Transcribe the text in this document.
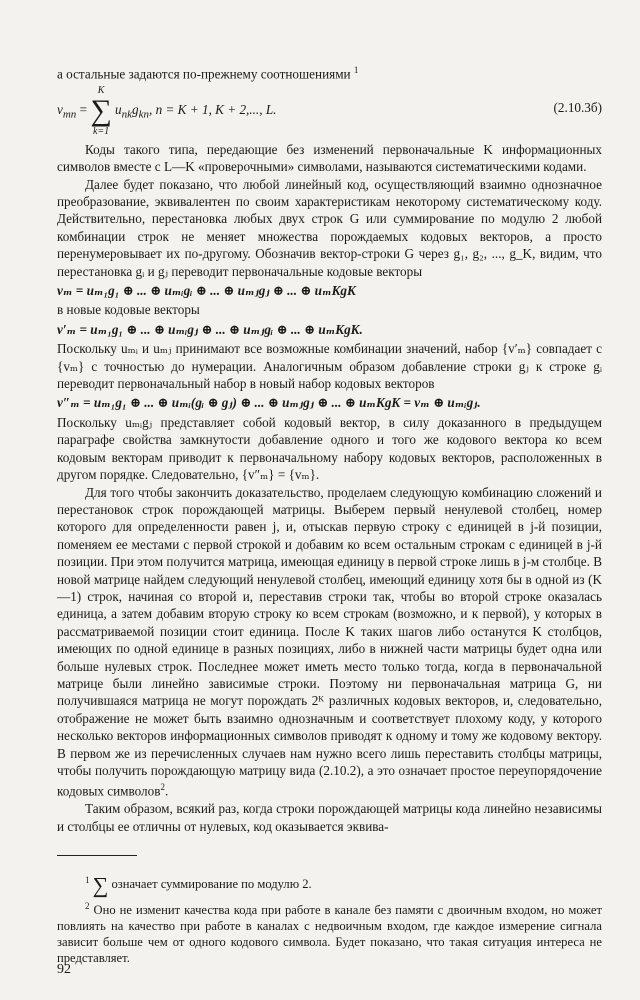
а остальные задаются по-прежнему соотношениями $^1$

$v_{mn}$ =
K
∑
k=1
$u_{nk}g_{kn}$, n = K + 1, K + 2,..., L.	(2.10.3б)

Коды такого типа, передающие без изменений первоначальные K информационных символов вместе с L—K «проверочными» символами, называются систематическими кодами.

Далее будет показано, что любой линейный код, осуществляющий взаимно однозначное преобразование, эквивалентен по своим характеристикам некоторому систематическому коду. Действительно, перестановка любых двух строк G или суммирование по модулю 2 любой комбинации строк не меняет множества порождаемых кодовых векторов, а просто перенумеровывает их по-другому. Обозначив вектор-строки G через g₁, g₂, ..., g_K, видим, что перестановка gᵢ и gⱼ переводит первоначальные кодовые векторы

vₘ = uₘ₁g₁ ⊕ ... ⊕ uₘᵢgᵢ ⊕ ... ⊕ uₘⱼgⱼ ⊕ ... ⊕ uₘKgK

в новые кодовые векторы

v′ₘ = uₘ₁g₁ ⊕ ... ⊕ uₘᵢgⱼ ⊕ ... ⊕ uₘⱼgᵢ ⊕ ... ⊕ uₘKgK.

Поскольку uₘᵢ и uₘⱼ принимают все возможные комбинации значений, набор {v′ₘ} совпадает с {vₘ} с точностью до нумерации. Аналогичным образом добавление строки gⱼ к строке gᵢ переводит первоначальный набор в новый набор кодовых векторов

v″ₘ = uₘ₁g₁ ⊕ ... ⊕ uₘᵢ(gᵢ ⊕ gⱼ) ⊕ ... ⊕ uₘⱼgⱼ ⊕ ... ⊕ uₘKgK = vₘ ⊕ uₘᵢgⱼ.

Поскольку uₘᵢgⱼ представляет собой кодовый вектор, в силу доказанного в предыдущем параграфе свойства замкнутости добавление одного и того же кодового вектора ко всем кодовым векторам приводит к первоначальному набору кодовых векторов, расположенных в другом порядке. Следовательно, {v″ₘ} = {vₘ}.

Для того чтобы закончить доказательство, проделаем следующую комбинацию сложений и перестановок строк порождающей матрицы. Выберем первый ненулевой столбец, номер которого для определенности равен j, и, отыскав первую строку с единицей в j-й позиции, поменяем ее местами с первой строкой и добавим ко всем остальным строкам с единицей в j-й позиции. При этом получится матрица, имеющая единицу в первой строке лишь в j-м столбце. В новой матрице найдем следующий ненулевой столбец, имеющий единицу хотя бы в одной из (K—1) строк, начиная со второй и, переставив строки так, чтобы во второй строке оказалась единица, а затем добавим вторую строку ко всем строкам (возможно, и к первой), у которых в рассматриваемой позиции стоит единица. После K таких шагов либо останутся K столбцов, имеющих по одной единице в разных позициях, либо в нижней части матрицы будет одна или больше нулевых строк. Последнее может иметь место только тогда, когда в первоначальной матрице были линейно зависимые строки. Поэтому ни первоначальная матрица G, ни получившаяся матрица не могут порождать 2ᴷ различных кодовых векторов, и, следовательно, отображение не может быть взаимно однозначным и соответствует плохому коду, у которого несколько векторов информационных символов приводят к одному и тому же кодовому вектору. В первом же из перечисленных случаев нам нужно всего лишь переставить столбцы матрицы, чтобы получить порождающую матрицу вида (2.10.2), а это означает простое переупорядочение кодовых символов$^2$.

Таким образом, всякий раз, когда строки порождающей матрицы кода линейно независимы и столбцы ее отличны от нулевых, код оказывается эквива-

$^1$ ∑ означает суммирование по модулю 2.
$^2$ Оно не изменит качества кода при работе в канале без памяти с двоичным входом, но может повлиять на качество при работе в каналах с недвоичным входом, где каждое измерение сигнала зависит больше чем от одного кодового символа. Будет показано, что такая ситуация интереса не представляет.
92
